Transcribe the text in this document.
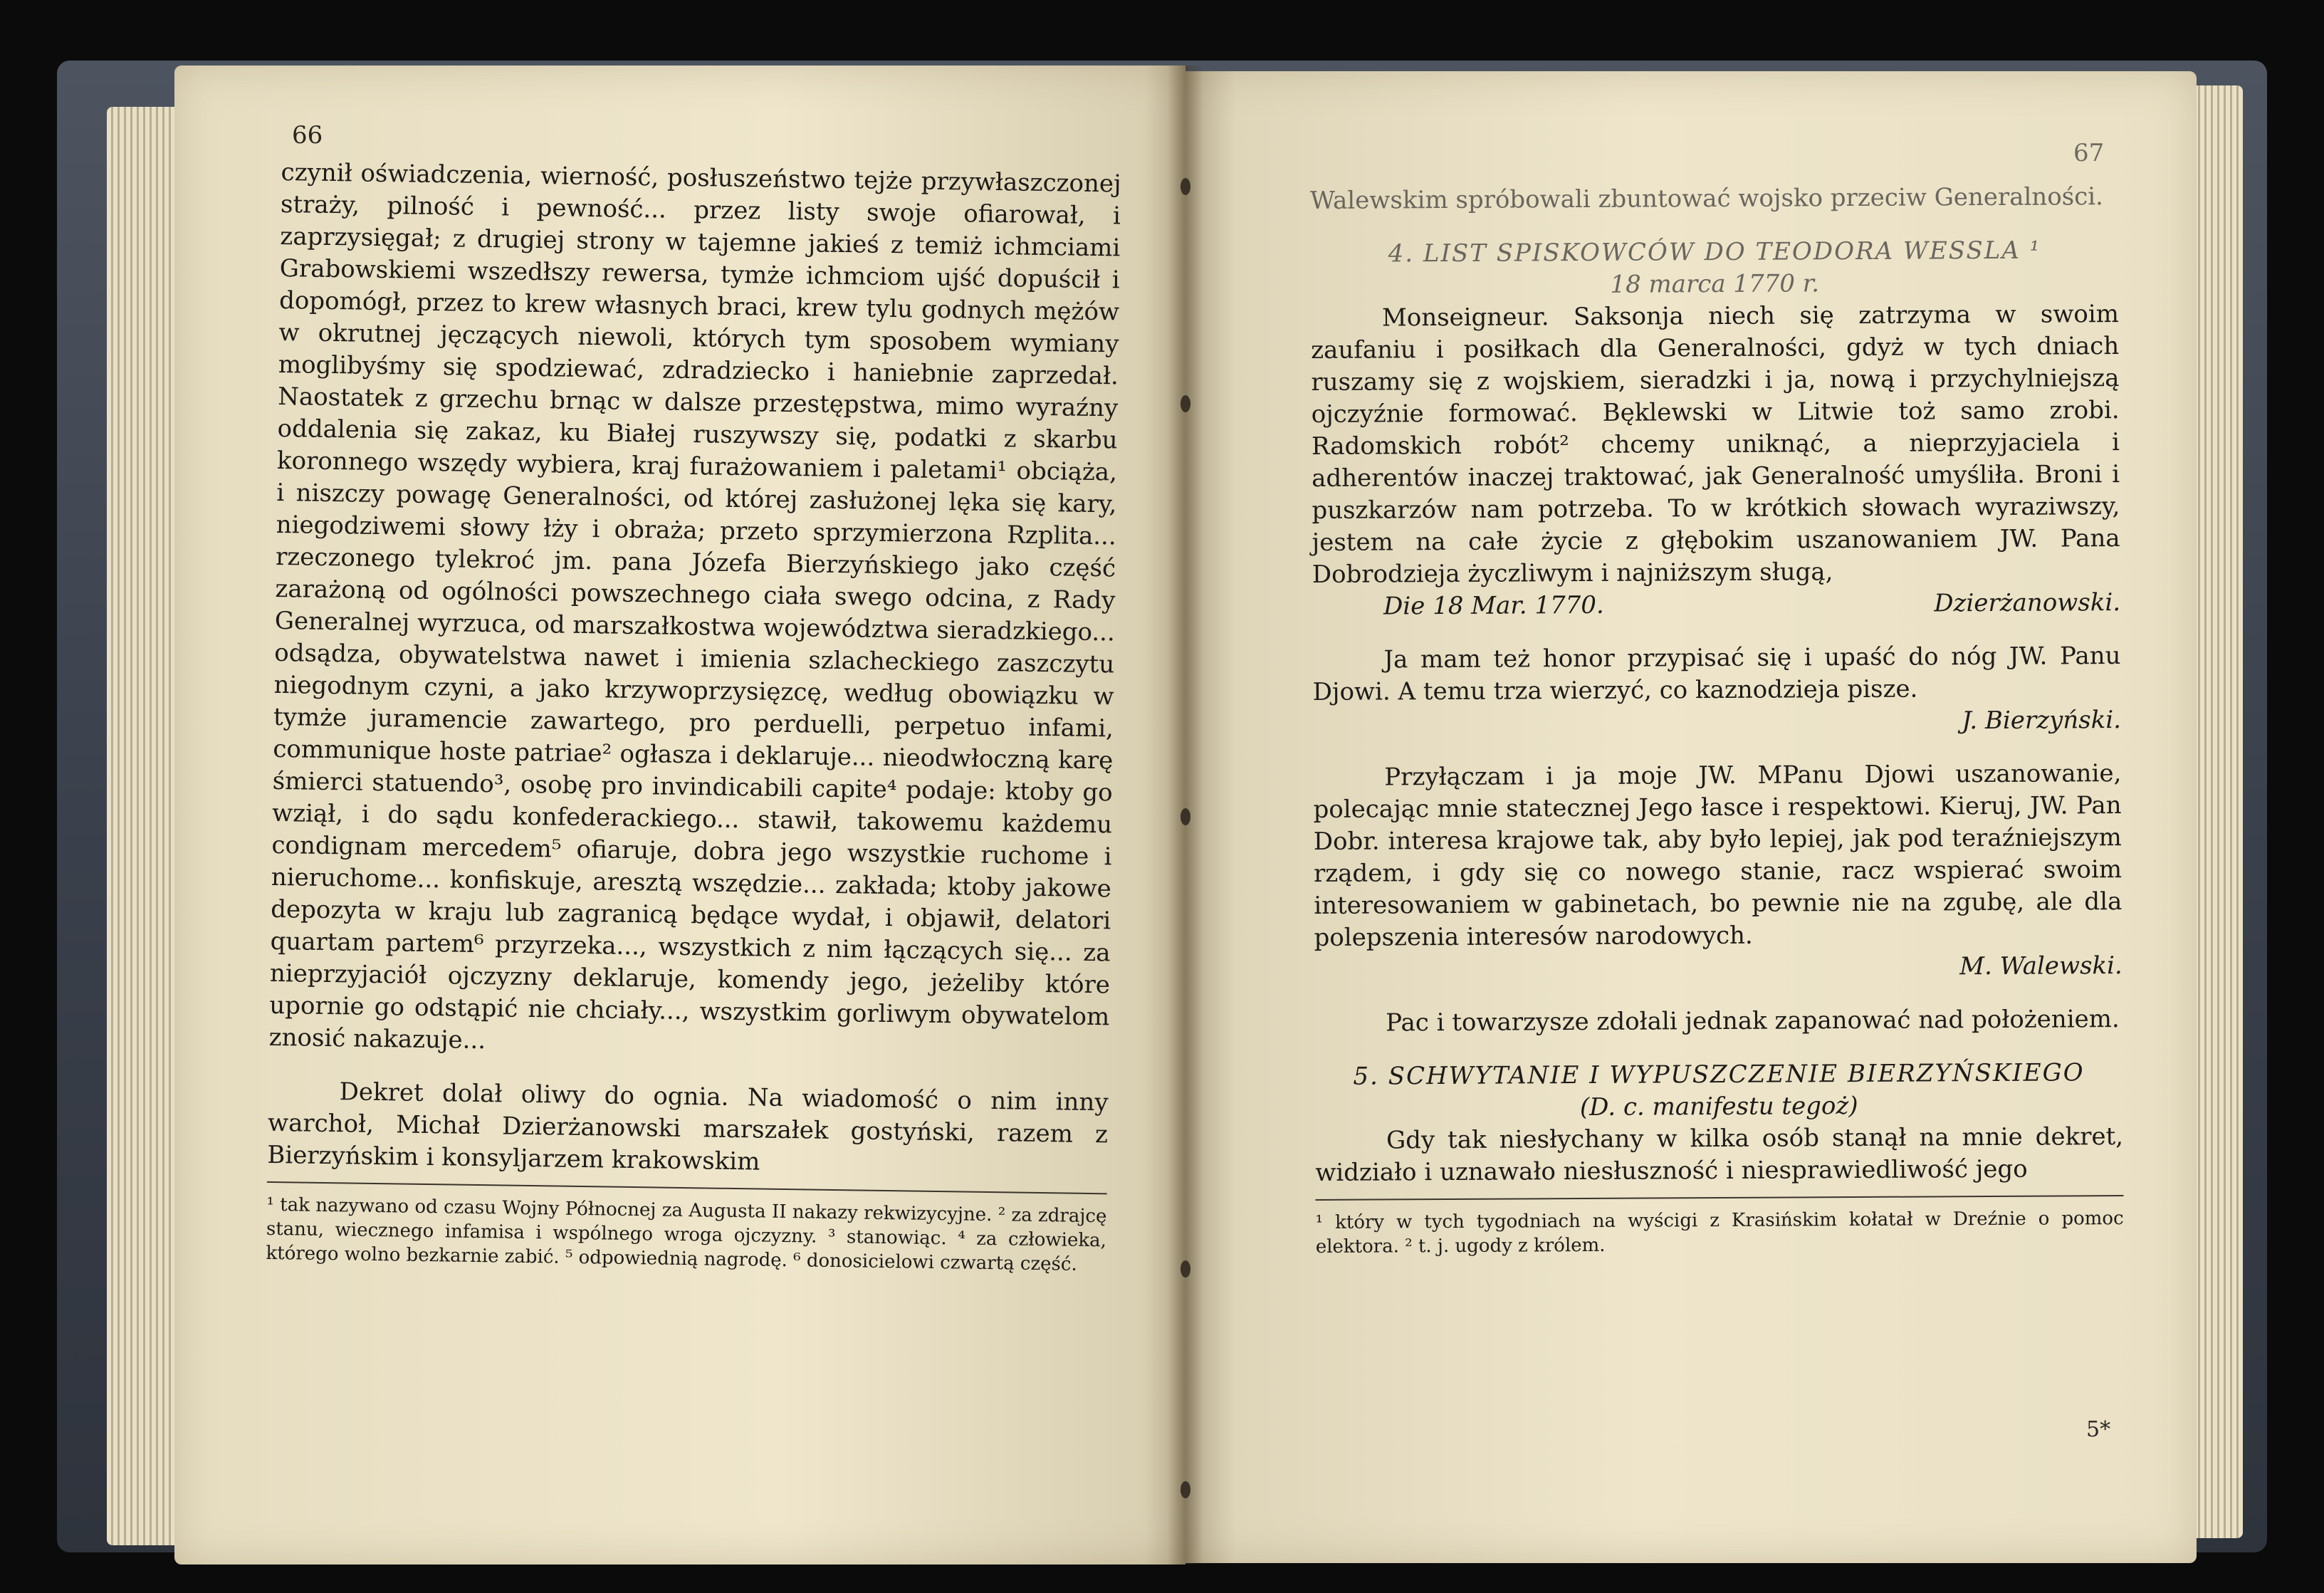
66
67

czynił oświadczenia, wierność, posłuszeństwo tejże przywłaszczonej straży, pilność i pewność... przez listy swoje ofiarował, i zaprzysięgał; z drugiej strony w tajemne jakieś z temiż ichmciami Grabowskiemi wszedłszy rewersa, tymże ichmciom ujść dopuścił i dopomógł, przez to krew własnych braci, krew tylu godnych mężów w okrutnej jęczących niewoli, których tym sposobem wymiany moglibyśmy się spodziewać, zdradziecko i haniebnie zaprzedał. Naostatek z grzechu brnąc w dalsze przestępstwa, mimo wyraźny oddalenia się zakaz, ku Białej ruszywszy się, podatki z skarbu koronnego wszędy wybiera, kraj furażowaniem i paletami¹ obciąża, i niszczy powagę Generalności, od której zasłużonej lęka się kary, niegodziwemi słowy łży i obraża; przeto sprzymierzona Rzplita... rzeczonego tylekroć jm. pana Józefa Bierzyńskiego jako część zarażoną od ogólności powszechnego ciała swego odcina, z Rady Generalnej wyrzuca, od marszałkostwa województwa sieradzkiego... odsądza, obywatelstwa nawet i imienia szlacheckiego zaszczytu niegodnym czyni, a jako krzywoprzysięzcę, według obowiązku w tymże juramencie zawartego, pro perduelli, perpetuo infami, communique hoste patriae² ogłasza i deklaruje... nieodwłoczną karę śmierci statuendo³, osobę pro invindicabili capite⁴ podaje: ktoby go wziął, i do sądu konfederackiego... stawił, takowemu każdemu condignam mercedem⁵ ofiaruje, dobra jego wszystkie ruchome i nieruchome... konfiskuje, aresztą wszędzie... zakłada; ktoby jakowe depozyta w kraju lub zagranicą będące wydał, i objawił, delatori quartam partem⁶ przyrzeka..., wszystkich z nim łączących się... za nieprzyjaciół ojczyzny deklaruje, komendy jego, jeżeliby które upornie go odstąpić nie chciały..., wszystkim gorliwym obywatelom znosić nakazuje...

Dekret dolał oliwy do ognia. Na wiadomość o nim inny warchoł, Michał Dzierżanowski marszałek gostyński, razem z Bierzyńskim i konsyljarzem krakowskim

¹ tak nazywano od czasu Wojny Północnej za Augusta II nakazy rekwizycyjne. ² za zdrajcę stanu, wiecznego infamisa i wspólnego wroga ojczyzny. ³ stanowiąc. ⁴ za człowieka, którego wolno bezkarnie zabić. ⁵ odpowiednią nagrodę. ⁶ donosicielowi czwartą część.

Walewskim spróbowali zbuntować wojsko przeciw Generalności.

4. LIST SPISKOWCÓW DO TEODORA WESSLA ¹

18 marca 1770 r.

Monseigneur. Saksonja niech się zatrzyma w swoim zaufaniu i posiłkach dla Generalności, gdyż w tych dniach ruszamy się z wojskiem, sieradzki i ja, nową i przychylniejszą ojczyźnie formować. Bęklewski w Litwie toż samo zrobi. Radomskich robót² chcemy uniknąć, a nieprzyjaciela i adherentów inaczej traktować, jak Generalność umyśliła. Broni i puszkarzów nam potrzeba. To w krótkich słowach wyraziwszy, jestem na całe życie z głębokim uszanowaniem JW. Pana Dobrodzieja życzliwym i najniższym sługą,

Die 18 Mar. 1770.	Dzierżanowski.

Ja mam też honor przypisać się i upaść do nóg JW. Panu Djowi. A temu trza wierzyć, co kaznodzieja pisze.

J. Bierzyński.

Przyłączam i ja moje JW. MPanu Djowi uszanowanie, polecając mnie statecznej Jego łasce i respektowi. Kieruj, JW. Pan Dobr. interesa krajowe tak, aby było lepiej, jak pod teraźniejszym rządem, i gdy się co nowego stanie, racz wspierać swoim interesowaniem w gabinetach, bo pewnie nie na zgubę, ale dla polepszenia interesów narodowych.

M. Walewski.

Pac i towarzysze zdołali jednak zapanować nad położeniem.

5. SCHWYTANIE I WYPUSZCZENIE BIERZYŃSKIEGO

(D. c. manifestu tegoż)

Gdy tak niesłychany w kilka osób stanął na mnie dekret, widziało i uznawało niesłuszność i niesprawiedliwość jego

¹ który w tych tygodniach na wyścigi z Krasińskim kołatał w Dreźnie o pomoc elektora. ² t. j. ugody z królem.

5*
